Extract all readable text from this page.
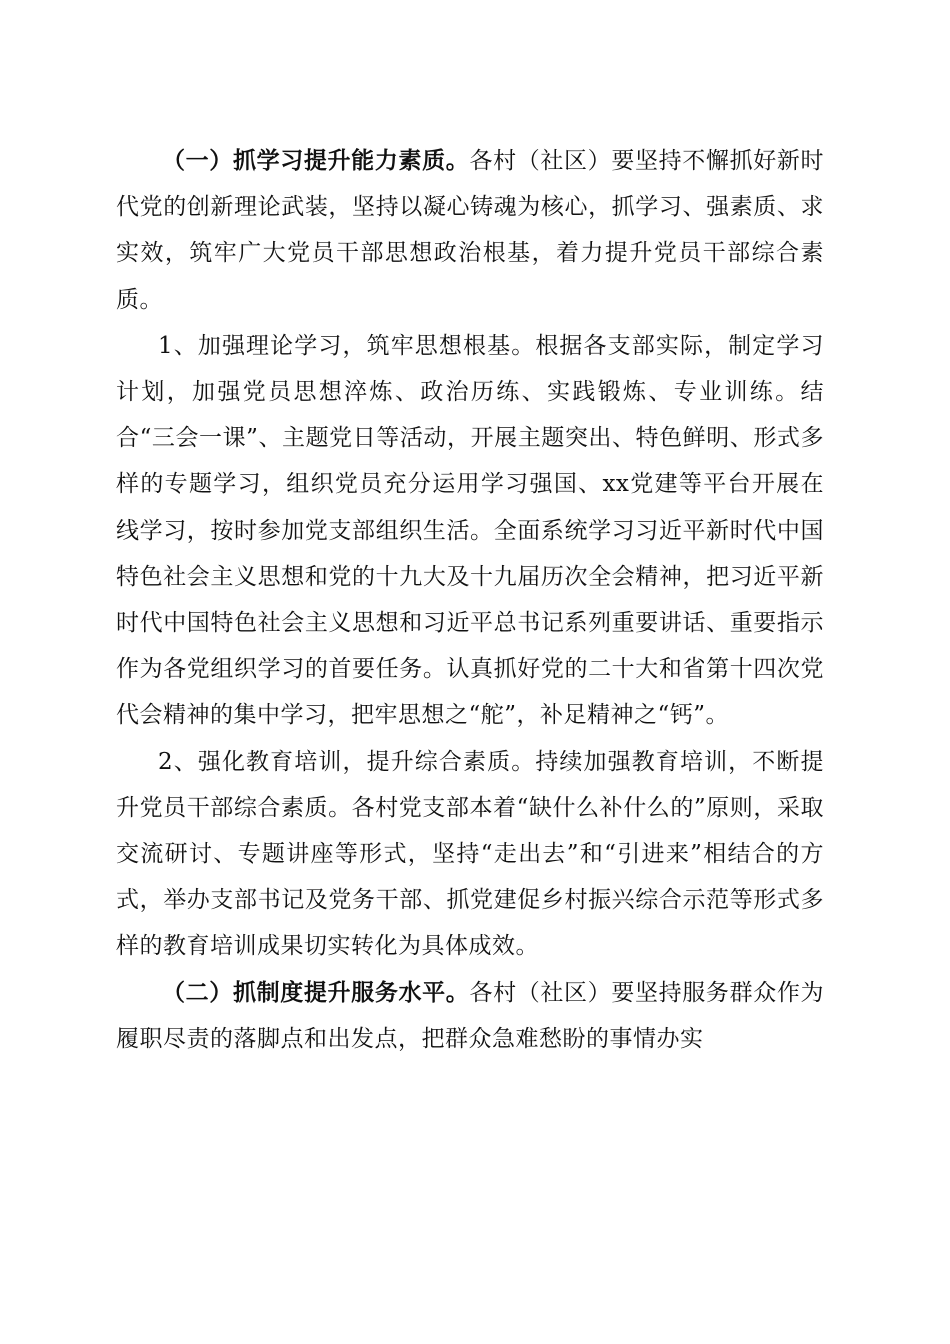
（一）抓学习提升能力素质。各村（社区）要坚持不懈抓好新时代党的创新理论武装，坚持以凝心铸魂为核心，抓学习、强素质、求实效，筑牢广大党员干部思想政治根基，着力提升党员干部综合素质。

1、加强理论学习，筑牢思想根基。根据各支部实际，制定学习计划，加强党员思想淬炼、政治历练、实践锻炼、专业训练。结合“三会一课”、主题党日等活动，开展主题突出、特色鲜明、形式多样的专题学习，组织党员充分运用学习强国、xx党建等平台开展在线学习，按时参加党支部组织生活。全面系统学习习近平新时代中国特色社会主义思想和党的十九大及十九届历次全会精神，把习近平新时代中国特色社会主义思想和习近平总书记系列重要讲话、重要指示作为各党组织学习的首要任务。认真抓好党的二十大和省第十四次党代会精神的集中学习，把牢思想之“舵”，补足精神之“钙”。

2、强化教育培训，提升综合素质。持续加强教育培训，不断提升党员干部综合素质。各村党支部本着“缺什么补什么的”原则，采取交流研讨、专题讲座等形式，坚持“走出去”和“引进来”相结合的方式，举办支部书记及党务干部、抓党建促乡村振兴综合示范等形式多样的教育培训成果切实转化为具体成效。

（二）抓制度提升服务水平。各村（社区）要坚持服务群众作为履职尽责的落脚点和出发点，把群众急难愁盼的事情办实
